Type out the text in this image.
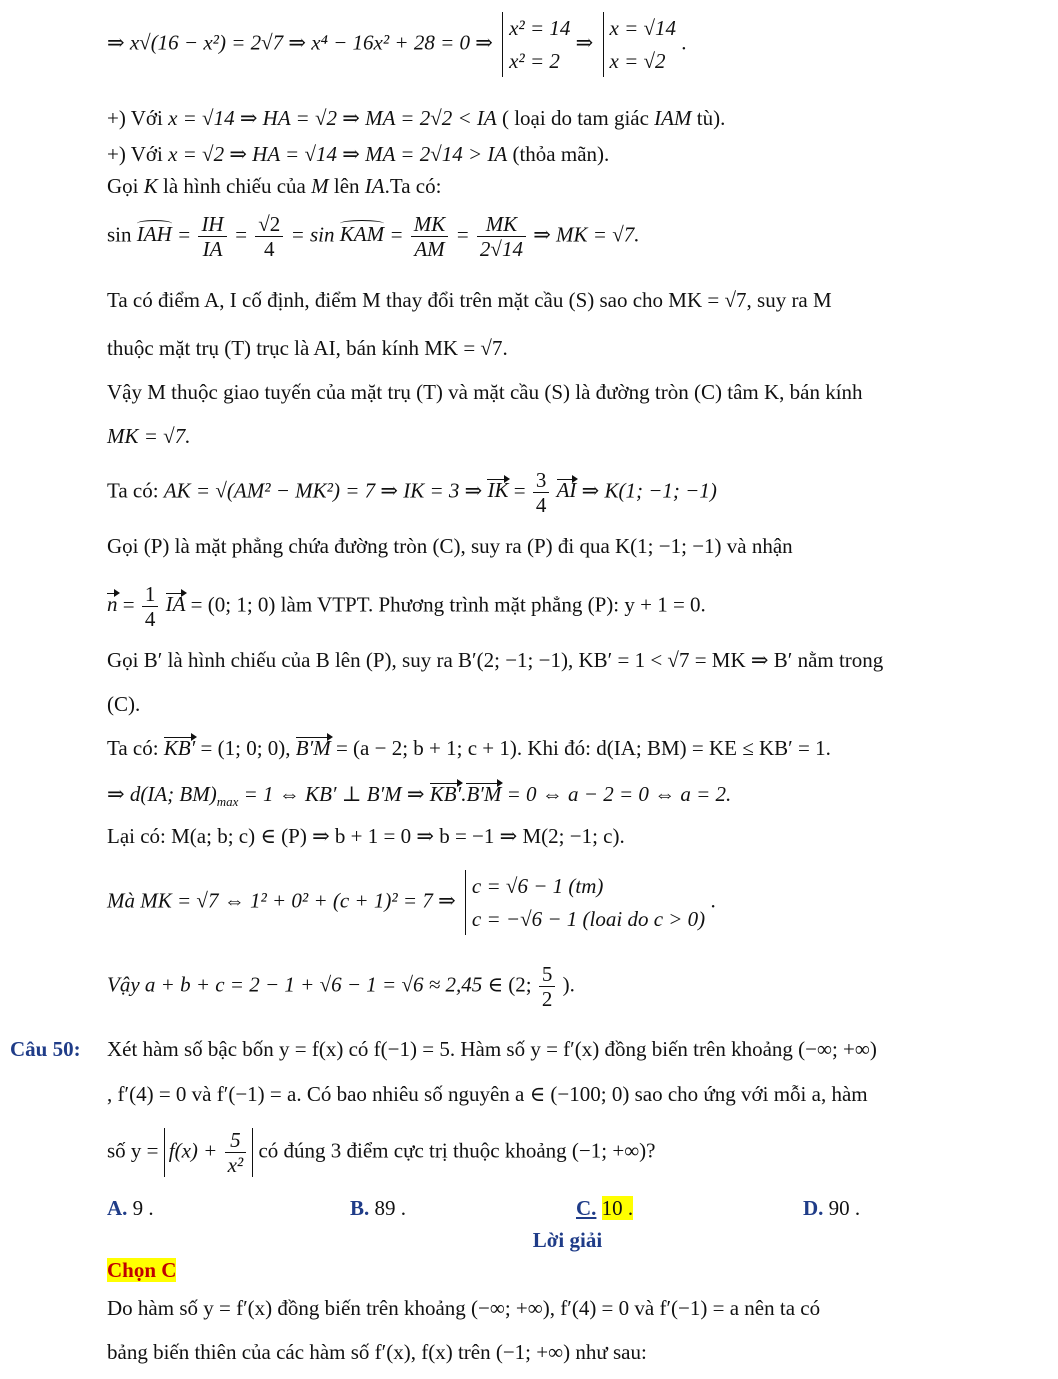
⇒ x√(16 − x²) = 2√7 ⇒ x⁴ − 16x² + 28 = 0 ⇒
x² = 14
x² = 2
⇒
x = √14
x = √2
.
+) Với x = √14 ⇒ HA = √2 ⇒ MA = 2√2 < IA ( loại do tam giác IAM tù).
+) Với x = √2 ⇒ HA = √14 ⇒ MA = 2√14 > IA (thỏa mãn).
Gọi K là hình chiếu của M lên IA.Ta có:
sin IAH = $\frac{IH}{IA} = \frac{√2}{4} = \sin$ KAM = $\frac{MK}{AM} = \frac{MK}{2√14}$ ⇒ MK = √7.
Ta có điểm A, I cố định, điểm M thay đổi trên mặt cầu (S) sao cho MK = √7, suy ra M
thuộc mặt trụ (T) trục là AI, bán kính MK = √7.
Vậy M thuộc giao tuyến của mặt trụ (T) và mặt cầu (S) là đường tròn (C) tâm K, bán kính
MK = √7.
Ta có: AK = √(AM² − MK²) = 7 ⇒ IK = 3 ⇒ IK = $\frac{3}{4}$ AI ⇒ K(1; −1; −1)
Gọi (P) là mặt phẳng chứa đường tròn (C), suy ra (P) đi qua K(1; −1; −1) và nhận
$n = \frac{1}{4}$ IA = (0; 1; 0) làm VTPT. Phương trình mặt phẳng (P): y + 1 = 0.
Gọi B′ là hình chiếu của B lên (P), suy ra B′(2; −1; −1), KB′ = 1 < √7 = MK ⇒ B′ nằm trong
(C).
Ta có: KB′ = (1; 0; 0), B′M = (a − 2; b + 1; c + 1). Khi đó: d(IA; BM) = KE ≤ KB′ = 1.
⇒ d(IA; $BM)_{max} = 1$ ⇔ KB′ ⊥ B′M ⇒ KB′.B′M = 0 ⇔ a − 2 = 0 ⇔ a = 2.
Lại có: M(a; b; c) ∈ (P) ⇒ b + 1 = 0 ⇒ b = −1 ⇒ M(2; −1; c).
Mà MK = √7 ⇔ 1² + 0² + (c + 1)² = 7 ⇒
c = √6 − 1 (tm)
c = −√6 − 1 (loai do c > 0)
.
Vậy a + b + c = 2 − 1 + √6 − 1 = √6 ≈ 2,45 ∈ (2; $\frac{5}{2}$ ).
Câu 50: Xét hàm số bậc bốn y = f(x) có f(−1) = 5. Hàm số y = f′(x) đồng biến trên khoảng (−∞; +∞)
, f′(4) = 0 và f′(−1) = a. Có bao nhiêu số nguyên a ∈ (−100; 0) sao cho ứng với mỗi a, hàm
số $y = f(x) + \frac{5}{\text{x²}}$ có đúng 3 điểm cực trị thuộc khoảng (−1; +∞)?
A. 9 .	B. 89 .	C. 10 .	D. 90 .
Lời giải
Chọn C
Do hàm số y = f′(x) đồng biến trên khoảng (−∞; +∞), f′(4) = 0 và f′(−1) = a nên ta có
bảng biến thiên của các hàm số f′(x), f(x) trên (−1; +∞) như sau:
